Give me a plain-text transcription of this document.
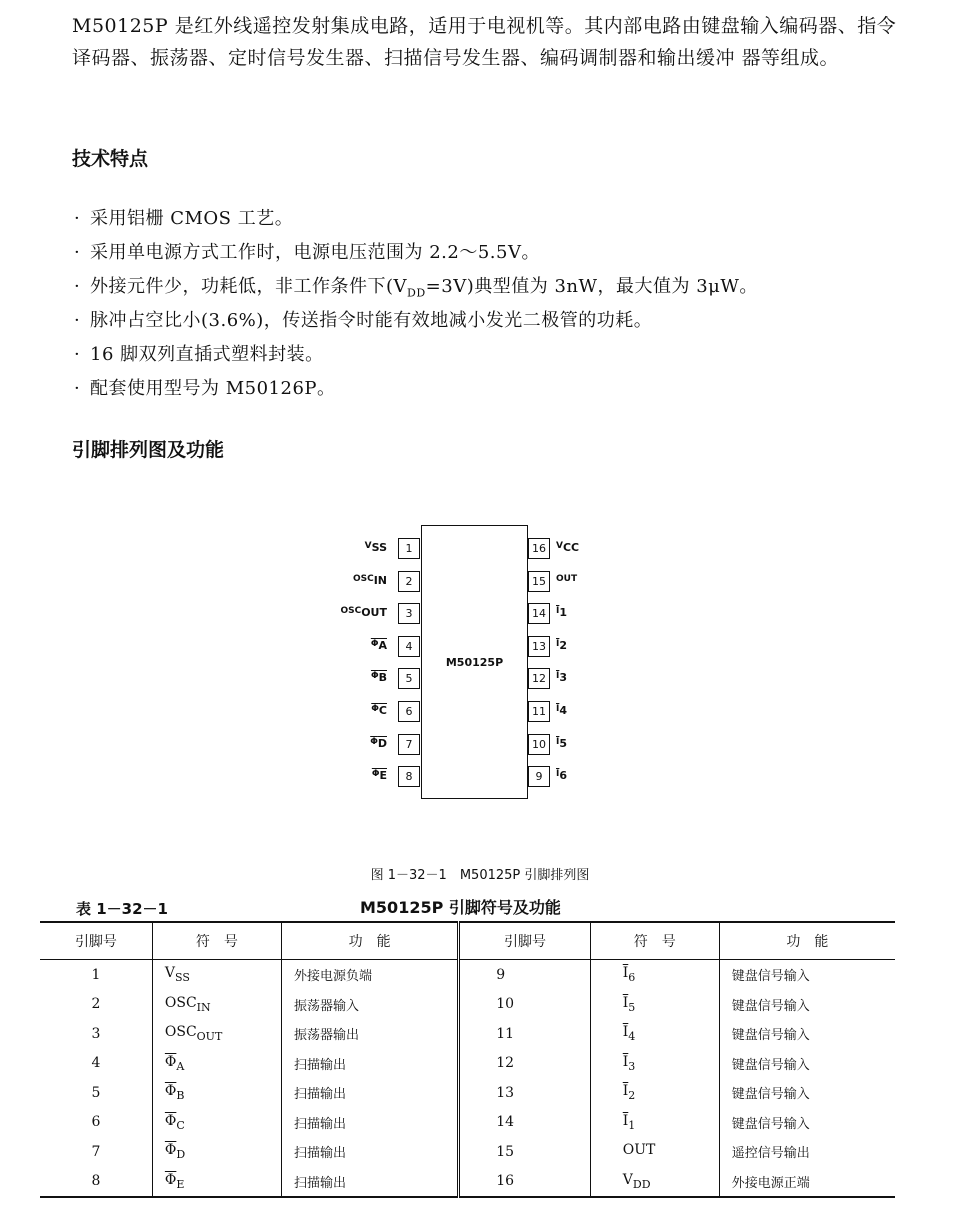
M50125P 是红外线遥控发射集成电路，适用于电视机等。其内部电路由键盘输入编码器、指令译码器、振荡器、定时信号发生器、扫描信号发生器、编码调制器和输出缓冲 器等组成。

技术特点
· 采用铝栅 CMOS 工艺。
· 采用单电源方式工作时，电源电压范围为 2.2～5.5V。
· 外接元件少，功耗低，非工作条件下$(V_{DD}=3V)$典型值为 3nW，最大值为 3μW。
· 脉冲占空比小(3.6%)，传送指令时能有效地减小发光二极管的功耗。
· 16 脚双列直插式塑料封装。
· 配套使用型号为 M50126P。
引脚排列图及功能
M50125P
1
$V_{SS}$
2
$OSC_{IN}$
3
$OSC_{OUT}$
4
$\overline{\Phi}_{\overline{A}}$
5
$\overline{\Phi}_{\overline{B}}$
6
$\overline{\Phi}_{\overline{C}}$
7
$\overline{\Phi}_{\overline{D}}$
8
$\overline{\Phi}_{\overline{E}}$
16	$V_{CC}$
15	OUT
14	$\overline{I}_1$
13	$\overline{I}_2$
12	$\overline{I}_3$
11	$\overline{I}_4$
10	$\overline{I}_5$
9	$\overline{I}_6$
图 1－32－1　M50125P 引脚排列图
表 1－32－1	M50125P 引脚符号及功能
引脚号	符　号	功　能	引脚号	符　号	功　能
1	$V_{SS}$	外接电源负端	9	$\overline{I}_6$	键盘信号输入
2	$OSC_{IN}$	振荡器输入	10	$\overline{I}_5$	键盘信号输入
3	$OSC_{OUT}$	振荡器输出	11	$\overline{I}_4$	键盘信号输入
4	$\overline{\Phi}_A$	扫描输出	12	$\overline{I}_3$	键盘信号输入
5	$\overline{\Phi}_B$	扫描输出	13	$\overline{I}_2$	键盘信号输入
6	$\overline{\Phi}_C$	扫描输出	14	$\overline{I}_1$	键盘信号输入
7	$\overline{\Phi}_D$	扫描输出	15	OUT	遥控信号输出
8	$\overline{\Phi}_E$	扫描输出	16	$V_{DD}$	外接电源正端
